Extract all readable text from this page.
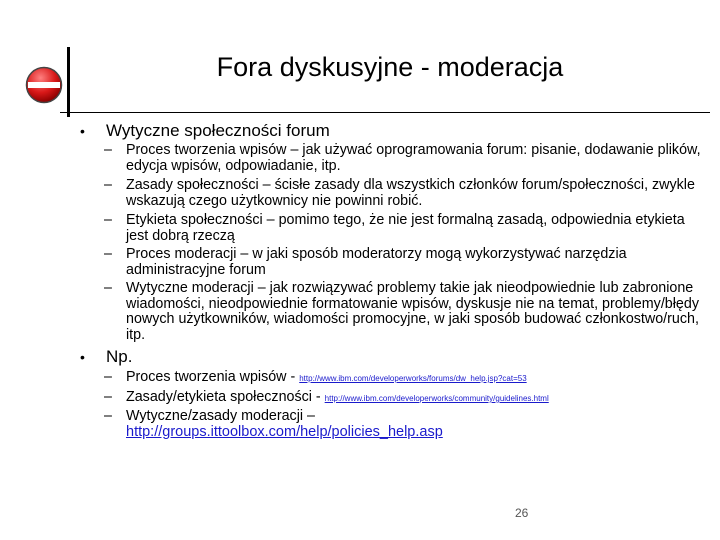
Fora dyskusyjne - moderacja
• Wytyczne społeczności forum
– Proces tworzenia wpisów – jak używać oprogramowania forum: pisanie, dodawanie plików, edycja wpisów, odpowiadanie, itp.
– Zasady społeczności – ścisłe zasady dla wszystkich członków forum/społeczności, zwykle wskazują czego użytkownicy nie powinni robić.
– Etykieta społeczności – pomimo tego, że nie jest formalną zasadą, odpowiednia etykieta jest dobrą rzeczą
– Proces moderacji – w jaki sposób moderatorzy mogą wykorzystywać narzędzia administracyjne forum
– Wytyczne moderacji – jak rozwiązywać problemy takie jak nieodpowiednie lub zabronione wiadomości, nieodpowiednie formatowanie wpisów, dyskusje nie na temat, problemy/błędy nowych użytkowników, wiadomości promocyjne, w jaki sposób budować członkostwo/ruch, itp.
• Np.
– Proces tworzenia wpisów - http://www.ibm.com/developerworks/forums/dw_help.jsp?cat=53
– Zasady/etykieta społeczności - http://www.ibm.com/developerworks/community/guidelines.html
– Wytyczne/zasady moderacji –
http://groups.ittoolbox.com/help/policies_help.asp
26
